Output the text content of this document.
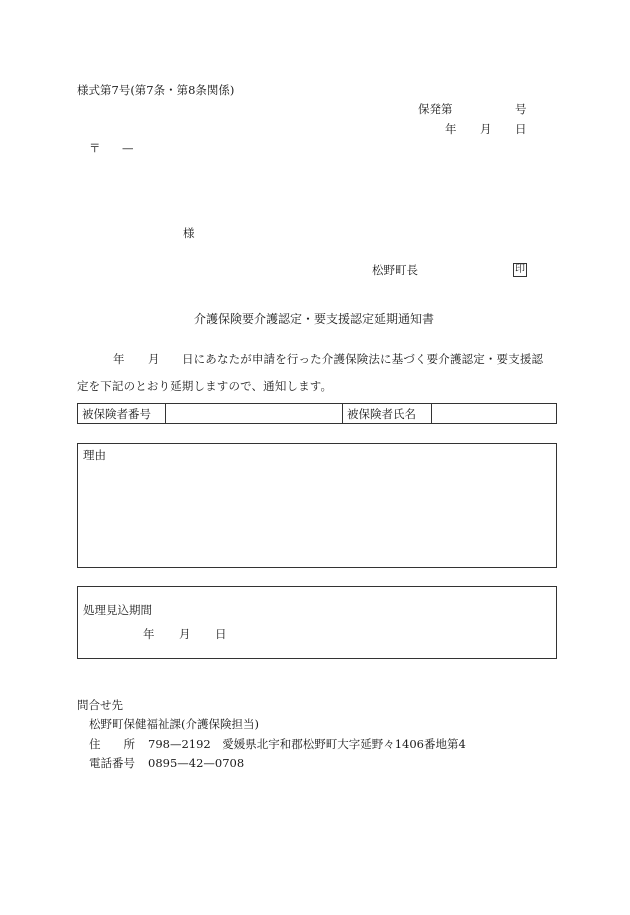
様式第7号(第7条・第8条関係)
保発第	号
年 月 日
〒 —
様
松野町長	印
介護保険要介護認定・要支援認定延期通知書
年 月 日にあなたが申請を行った介護保険法に基づく要介護認定・要支援認
定を下記のとおり延期しますので、通知します。
被保険者番号	被保険者氏名
理由
処理見込期間
年 月 日
問合せ先
松野町保健福祉課(介護保険担当)
住　　所 798—2192　愛媛県北宇和郡松野町大字延野々1406番地第4
電話番号 0895—42—0708
